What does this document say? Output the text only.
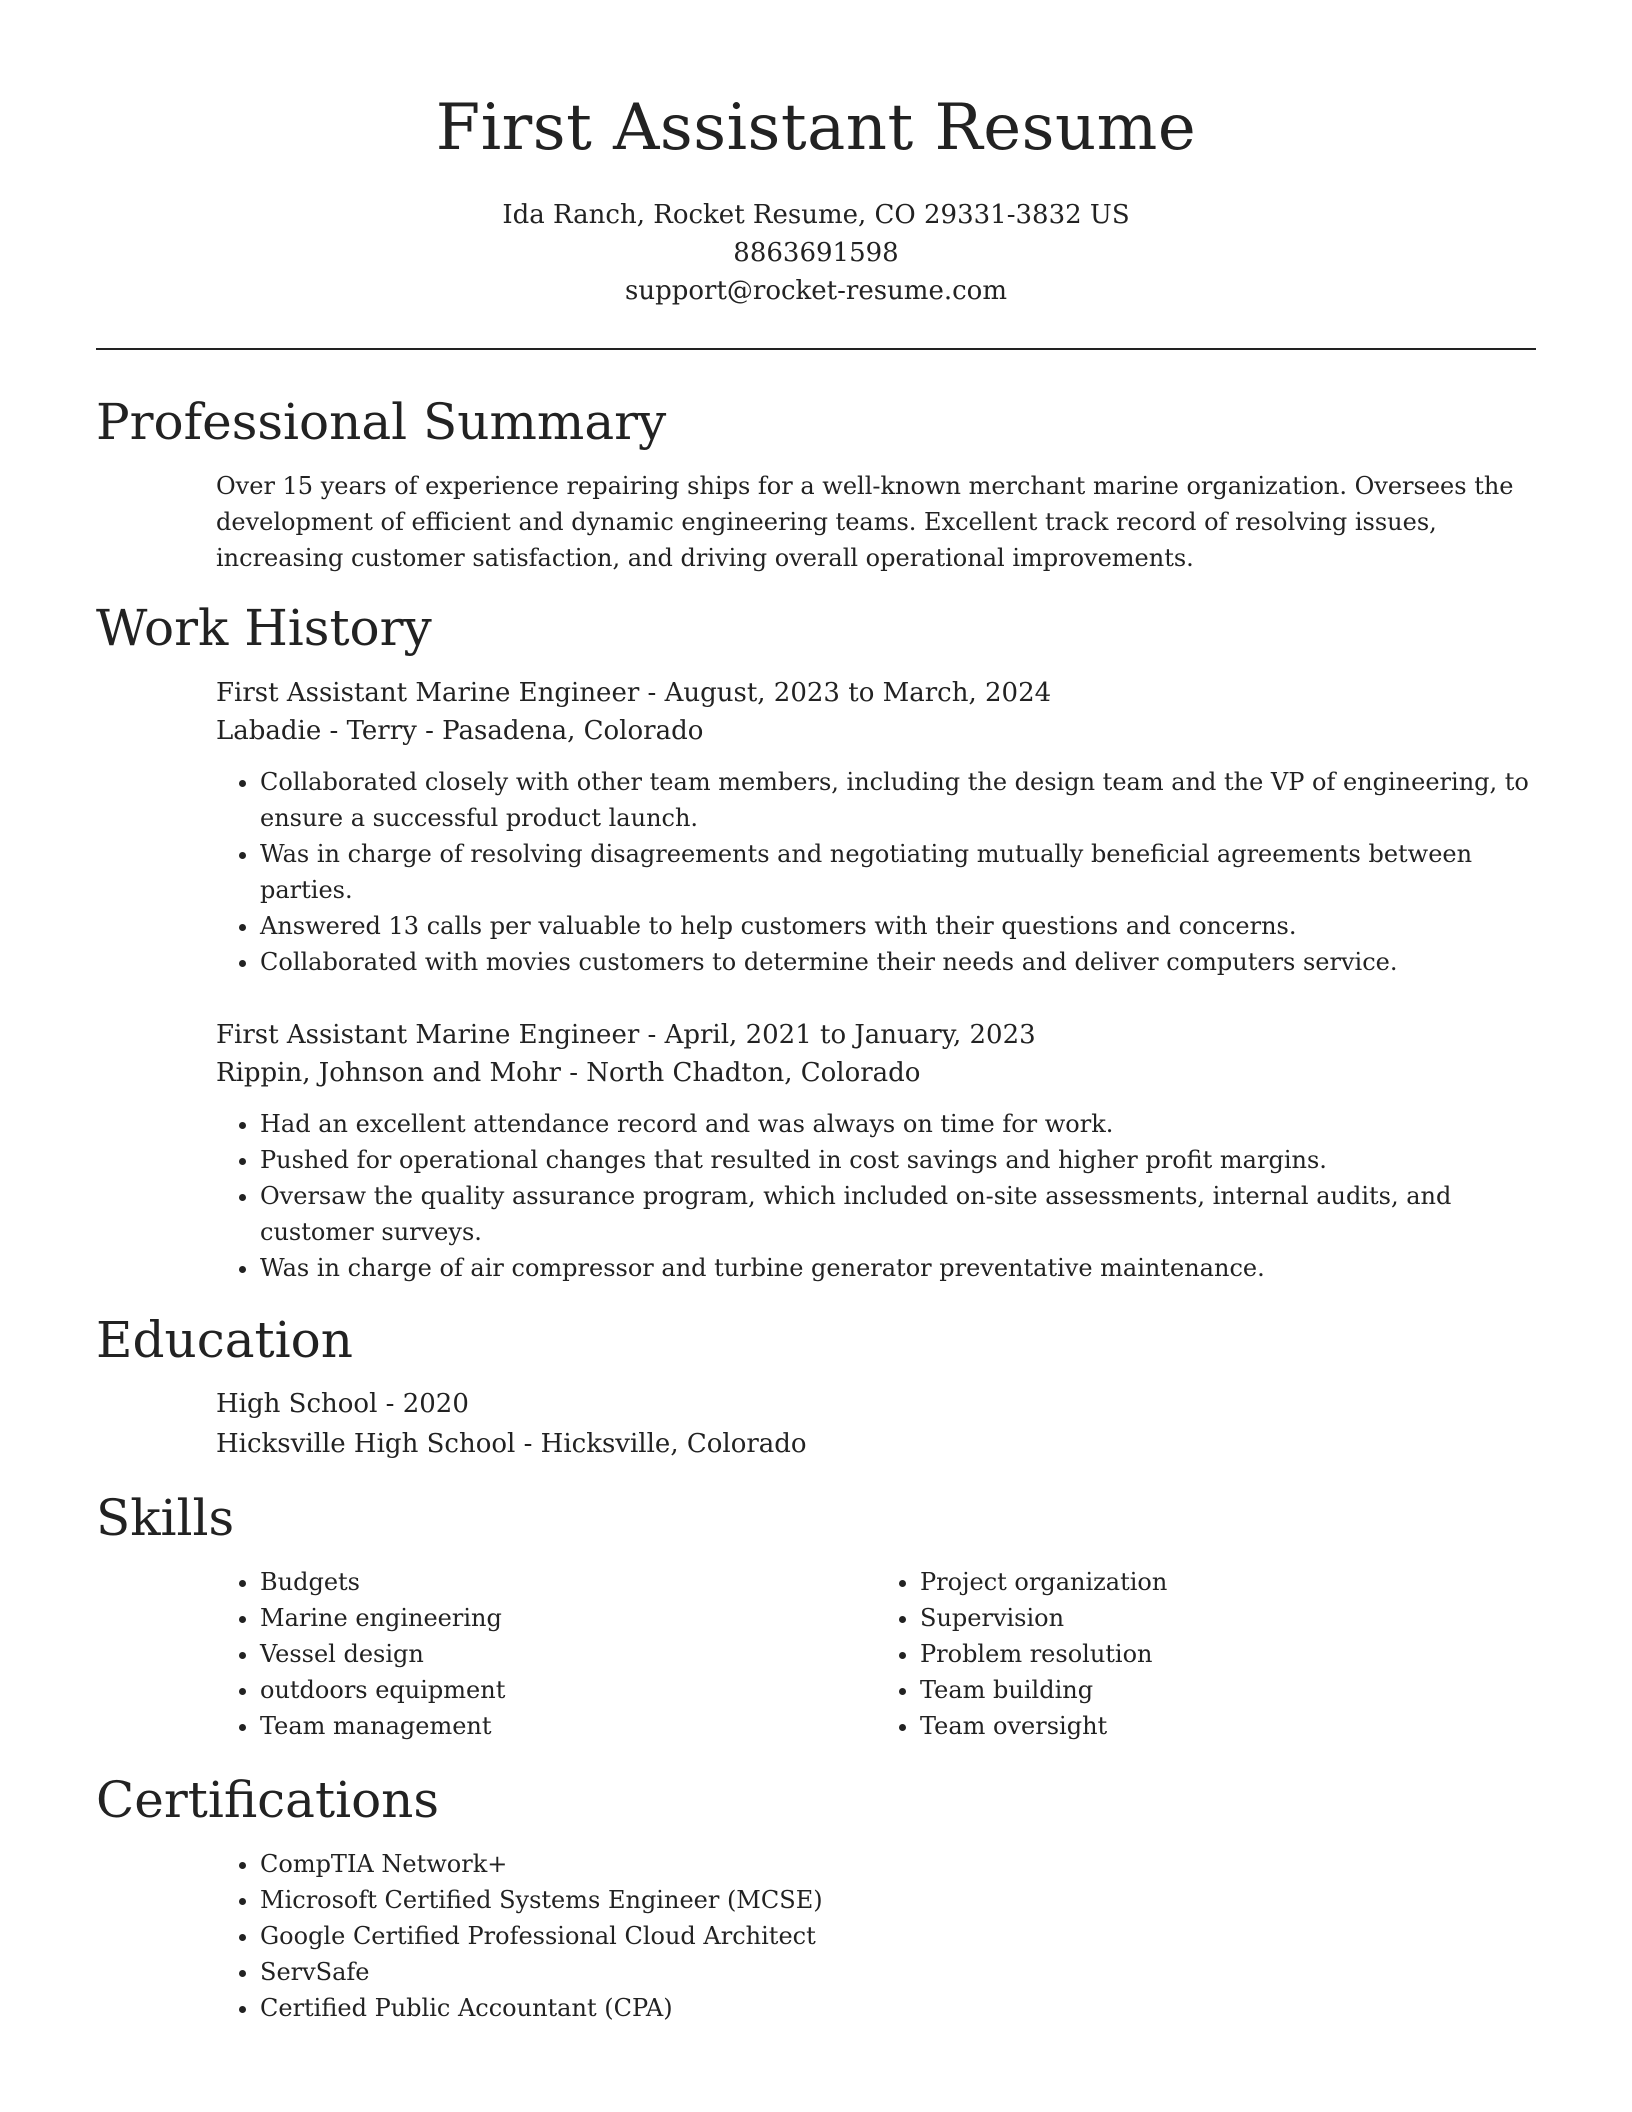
First Assistant Resume
Ida Ranch, Rocket Resume, CO 29331-3832 US
8863691598
support@rocket-resume.com
Professional Summary
Over 15 years of experience repairing ships for a well-known merchant marine organization. Oversees the development of efficient and dynamic engineering teams. Excellent track record of resolving issues, increasing customer satisfaction, and driving overall operational improvements.
Work History
First Assistant Marine Engineer - August, 2023 to March, 2024
Labadie - Terry - Pasadena, Colorado
• Collaborated closely with other team members, including the design team and the VP of engineering, to ensure a successful product launch.
• Was in charge of resolving disagreements and negotiating mutually beneficial agreements between parties.
• Answered 13 calls per valuable to help customers with their questions and concerns.
• Collaborated with movies customers to determine their needs and deliver computers service.
First Assistant Marine Engineer - April, 2021 to January, 2023
Rippin, Johnson and Mohr - North Chadton, Colorado
• Had an excellent attendance record and was always on time for work.
• Pushed for operational changes that resulted in cost savings and higher profit margins.
• Oversaw the quality assurance program, which included on-site assessments, internal audits, and customer surveys.
• Was in charge of air compressor and turbine generator preventative maintenance.
Education
High School - 2020
Hicksville High School - Hicksville, Colorado
Skills
• Budgets
• Marine engineering
• Vessel design
• outdoors equipment
• Team management
• Project organization
• Supervision
• Problem resolution
• Team building
• Team oversight
Certifications
• CompTIA Network+
• Microsoft Certified Systems Engineer (MCSE)
• Google Certified Professional Cloud Architect
• ServSafe
• Certified Public Accountant (CPA)
